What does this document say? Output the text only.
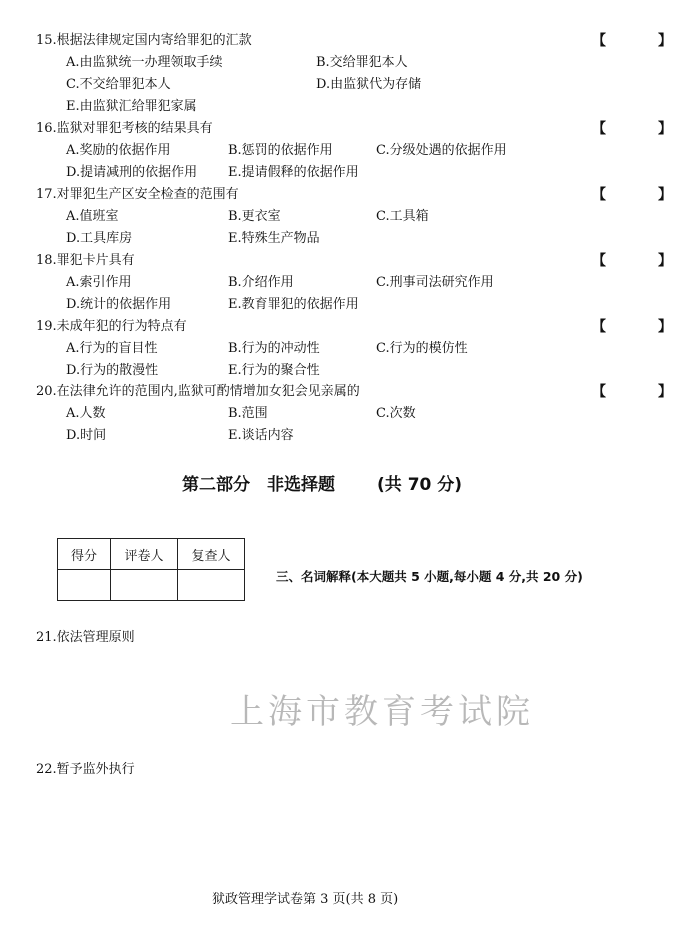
15.根据法律规定国内寄给罪犯的汇款	【	】
A.由监狱统一办理领取手续	B.交给罪犯本人
C.不交给罪犯本人	D.由监狱代为存储
E.由监狱汇给罪犯家属
16.监狱对罪犯考核的结果具有	【	】
A.奖励的依据作用	B.惩罚的依据作用	C.分级处遇的依据作用
D.提请减刑的依据作用 E.提请假释的依据作用
17.对罪犯生产区安全检查的范围有	【	】
A.值班室	B.更衣室	C.工具箱
D.工具库房	E.特殊生产物品
18.罪犯卡片具有	【	】
A.索引作用	B.介绍作用	C.刑事司法研究作用
D.统计的依据作用	E.教育罪犯的依据作用
19.未成年犯的行为特点有	【	】
A.行为的盲目性	B.行为的冲动性	C.行为的模仿性
D.行为的散漫性	E.行为的聚合性
20.在法律允许的范围内,监狱可酌情增加女犯会见亲属的	【	】
A.人数	B.范围	C.次数
D.时间	E.谈话内容
第二部分　非选择题 (共 70 分)
得分	评卷人	复查人

三、名词解释(本大题共 5 小题,每小题 4 分,共 20 分)
21.依法管理原则
上海市教育考试院
22.暂予监外执行
狱政管理学试卷第 3 页(共 8 页)
